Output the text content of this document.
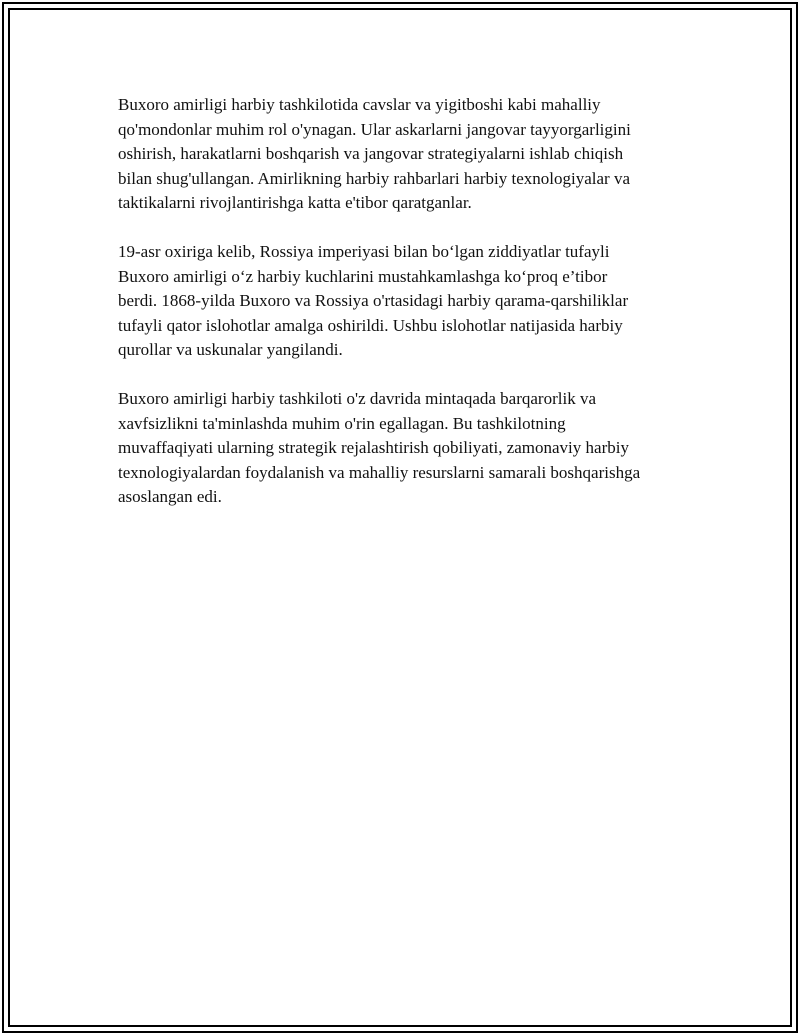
Buxoro amirligi harbiy tashkilotida cavslar va yigitboshi kabi mahalliy
qo'mondonlar muhim rol o'ynagan. Ular askarlarni jangovar tayyorgarligini
oshirish, harakatlarni boshqarish va jangovar strategiyalarni ishlab chiqish
bilan shug'ullangan. Amirlikning harbiy rahbarlari harbiy texnologiyalar va
taktikalarni rivojlantirishga katta e'tibor qaratganlar.

19-asr oxiriga kelib, Rossiya imperiyasi bilan bo‘lgan ziddiyatlar tufayli
Buxoro amirligi o‘z harbiy kuchlarini mustahkamlashga ko‘proq e’tibor
berdi. 1868-yilda Buxoro va Rossiya o'rtasidagi harbiy qarama-qarshiliklar
tufayli qator islohotlar amalga oshirildi. Ushbu islohotlar natijasida harbiy
qurollar va uskunalar yangilandi.

Buxoro amirligi harbiy tashkiloti o'z davrida mintaqada barqarorlik va
xavfsizlikni ta'minlashda muhim o'rin egallagan. Bu tashkilotning
muvaffaqiyati ularning strategik rejalashtirish qobiliyati, zamonaviy harbiy
texnologiyalardan foydalanish va mahalliy resurslarni samarali boshqarishga
asoslangan edi.
